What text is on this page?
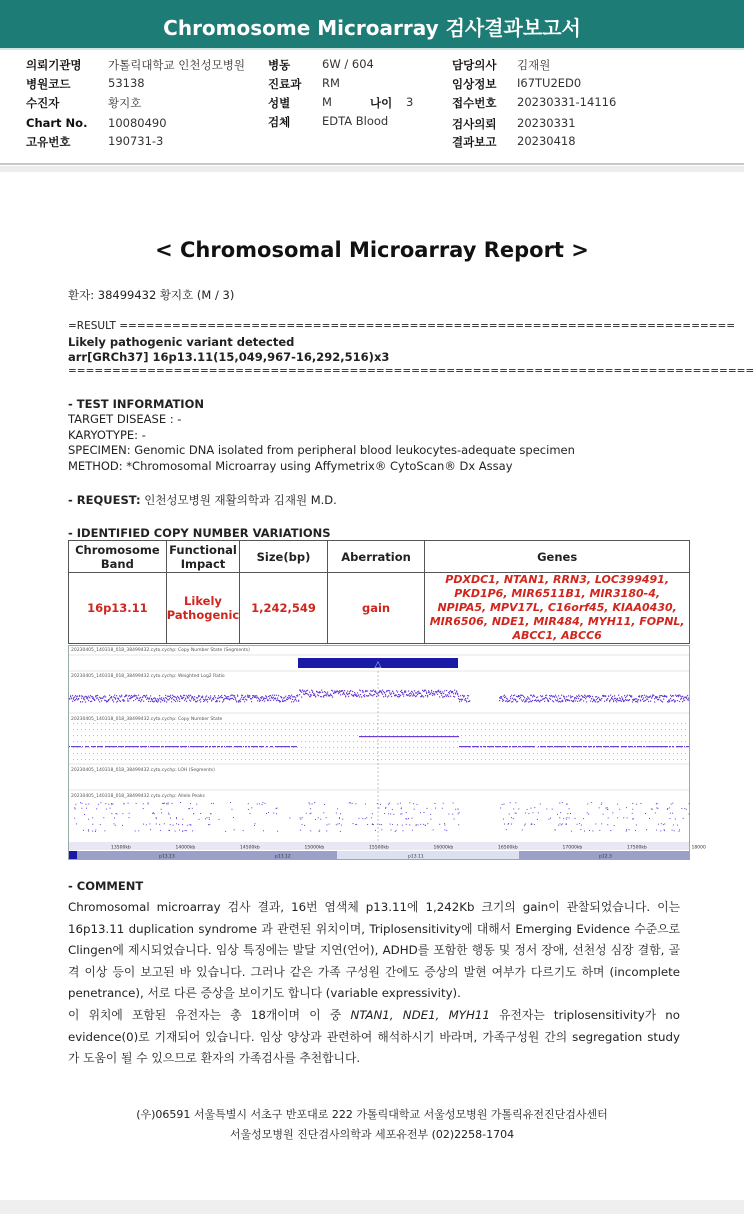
Chromosome Microarray 검사결과보고서
의뢰기관명 가톨릭대학교 인천성모병원
병원코드	53138
수진자	황지호
Chart No. 10080490
고유번호	190731-3
병동	6W / 604
진료과 RM
성별	M	나이 3
검체	EDTA Blood
담당의사 김재원
임상정보 I67TU2ED0
접수번호 20230331-14116
검사의뢰 20230331
결과보고 20230418
< Chromosomal Microarray Report >
환자: 38499432 황지호 (M / 3)
=RESULT ======================================================================
Likely pathogenic variant detected
arr[GRCh37] 16p13.11(15,049,967-16,292,516)x3
==============================================================================
- TEST INFORMATION
TARGET DISEASE : -
KARYOTYPE: -
SPECIMEN: Genomic DNA isolated from peripheral blood leukocytes-adequate specimen
METHOD: *Chromosomal Microarray using Affymetrix® CytoScan® Dx Assay
- REQUEST: 인천성모병원 재활의학과 김재원 M.D.
- IDENTIFIED COPY NUMBER VARIATIONS
Chromosome Band	Functional Impact	Size(bp)	Aberration	Genes
16p13.11	Likely Pathogenic	1,242,549	gain	PDXDC1, NTAN1, RRN3, LOC399491, PKD1P6, MIR6511B1, MIR3180-4, NPIPA5, MPV17L, C16orf45, KIAA0430, MIR6506, NDE1, MIR484, MYH11, FOPNL, ABCC1, ABCC6
20230405_140318_018_38499432.cyto.cychp: Copy Number State (Segments)
△
20230405_140318_018_38499432.cyto.cychp: Weighted Log2 Ratio
20230405_140318_018_38499432.cyto.cychp: Copy Number State
20230405_140318_018_38499432.cyto.cychp: LOH (Segments)
20230405_140318_018_38499432.cyto.cychp: Allele Peaks
13500kb	14000kb	14500kb	15000kb	15500kb	16000kb	16500kb	17000kb	17500kb	18000
p13.13	p13.12	p13.11	p12.3
- COMMENT

Chromosomal microarray 검사 결과, 16번 염색체 p13.11에 1,242Kb 크기의 gain이 관찰되었습니다. 이는 16p13.11 duplication syndrome 과 관련된 위치이며, Triplosensitivity에 대해서 Emerging Evidence 수준으로 Clingen에 제시되었습니다. 임상 특징에는 발달 지연(언어), ADHD를 포함한 행동 및 정서 장애, 선천성 심장 결함, 골격 이상 등이 보고된 바 있습니다. 그러나 같은 가족 구성원 간에도 증상의 발현 여부가 다르기도 하며 (incomplete penetrance), 서로 다른 증상을 보이기도 합니다 (variable expressivity).

이 위치에 포함된 유전자는 총 18개이며 이 중 NTAN1, NDE1, MYH11 유전자는 triplosensitivity가 no evidence(0)로 기재되어 있습니다. 임상 양상과 관련하여 해석하시기 바라며, 가족구성원 간의 segregation study 가 도움이 될 수 있으므로 환자의 가족검사를 추천합니다.

(우)06591 서울특별시 서초구 반포대로 222 가톨릭대학교 서울성모병원 가톨릭유전진단검사센터
서울성모병원 진단검사의학과 세포유전부 (02)2258-1704
